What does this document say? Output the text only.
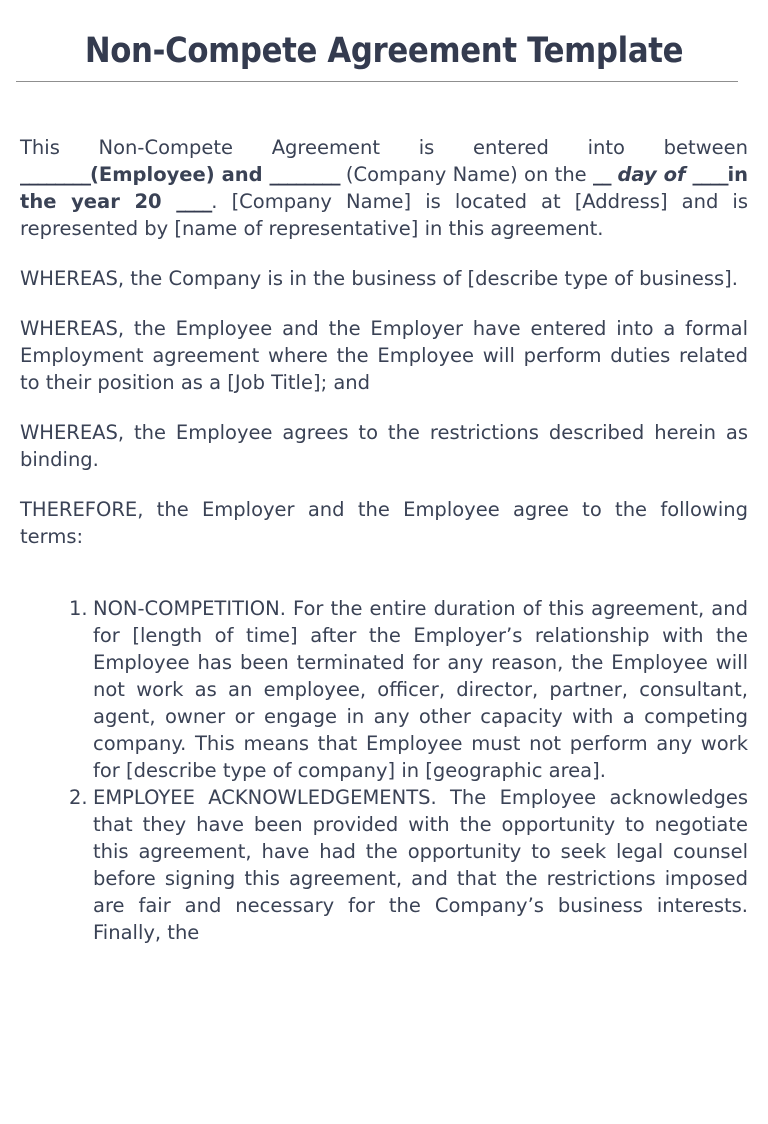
Non-Compete Agreement Template

This Non-Compete Agreement is entered into between ________(Employee) and ________ (Company Name) on the __ day of ____in the year 20 ____. [Company Name] is located at [Address] and is represented by [name of representative] in this agreement.

WHEREAS, the Company is in the business of [describe type of business].

WHEREAS, the Employee and the Employer have entered into a formal Employment agreement where the Employee will perform duties related to their position as a [Job Title]; and

WHEREAS, the Employee agrees to the restrictions described herein as binding.

THEREFORE, the Employer and the Employee agree to the following terms:

NON-COMPETITION. For the entire duration of this agreement, and for [length of time] after the Employer’s relationship with the Employee has been terminated for any reason, the Employee will not work as an employee, officer, director, partner, consultant, agent, owner or engage in any other capacity with a competing company. This means that Employee must not perform any work for [describe type of company] in [geographic area].
EMPLOYEE ACKNOWLEDGEMENTS. The Employee acknowledges that they have been provided with the opportunity to negotiate this agreement, have had the opportunity to seek legal counsel before signing this agreement, and that the restrictions imposed are fair and necessary for the Company’s business interests. Finally, the
